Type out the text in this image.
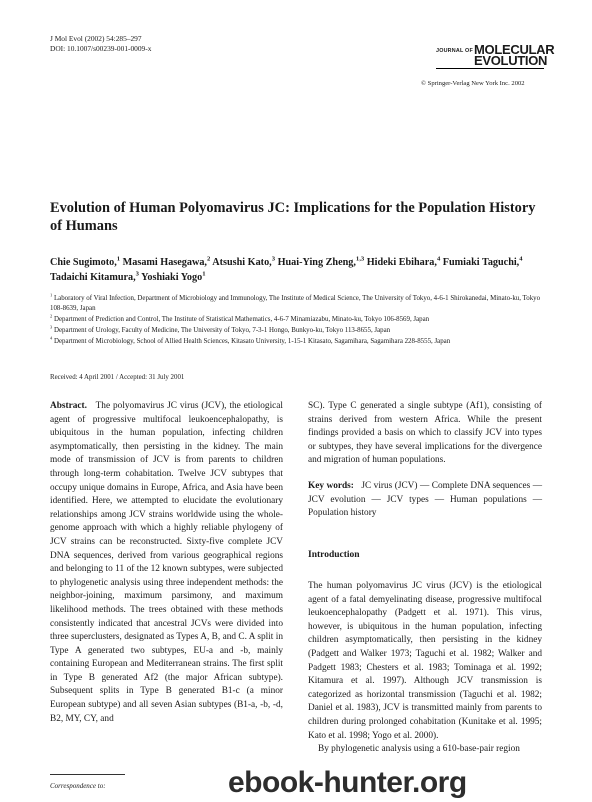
J Mol Evol (2002) 54:285–297
DOI: 10.1007/s00239-001-0009-x	JOURNAL OF MOLECULAR
EVOLUTION
© Springer-Verlag New York Inc. 2002
Evolution of Human Polyomavirus JC: Implications for the Population History of Humans
Chie Sugimoto,$^1$ Masami Hasegawa,$^2$ Atsushi Kato,$^3$ Huai-Ying Zheng,$^{1,3}$ Hideki Ebihara,$^4$ Fumiaki Taguchi,$^4$
Tadaichi Kitamura,$^3$ Yoshiaki Yogo$^1$

$^1$ Laboratory of Viral Infection, Department of Microbiology and Immunology, The Institute of Medical Science, The University of Tokyo, 4-6-1 Shirokanedai, Minato-ku, Tokyo 108-8639, Japan

$^2$ Department of Prediction and Control, The Institute of Statistical Mathematics, 4-6-7 Minamiazabu, Minato-ku, Tokyo 106-8569, Japan

$^3$ Department of Urology, Faculty of Medicine, The University of Tokyo, 7-3-1 Hongo, Bunkyo-ku, Tokyo 113-8655, Japan

$^4$ Department of Microbiology, School of Allied Health Sciences, Kitasato University, 1-15-1 Kitasato, Sagamihara, Sagamihara 228-8555, Japan

Received: 4 April 2001 / Accepted: 31 July 2001
Abstract. The polyomavirus JC virus (JCV), the etiological agent of progressive multifocal leukoencephalopathy, is ubiquitous in the human population, infecting children asymptomatically, then persisting in the kidney. The main mode of transmission of JCV is from parents to children through long-term cohabitation. Twelve JCV subtypes that occupy unique domains in Europe, Africa, and Asia have been identified. Here, we attempted to elucidate the evolutionary relationships among JCV strains worldwide using the whole-genome approach with which a highly reliable phylogeny of JCV strains can be reconstructed. Sixty-five complete JCV DNA sequences, derived from various geographical regions and belonging to 11 of the 12 known subtypes, were subjected to phylogenetic analysis using three independent methods: the neighbor-joining, maximum parsimony, and maximum likelihood methods. The trees obtained with these methods consistently indicated that ancestral JCVs were divided into three superclusters, designated as Types A, B, and C. A split in Type A generated two subtypes, EU-a and -b, mainly containing European and Mediterranean strains. The first split in Type B generated Af2 (the major African subtype). Subsequent splits in Type B generated B1-c (a minor European subtype) and all seven Asian subtypes (B1-a, -b, -d, B2, MY, CY, and
SC). Type C generated a single subtype (Af1), consisting of strains derived from western Africa. While the present findings provided a basis on which to classify JCV into types or subtypes, they have several implications for the divergence and migration of human populations.
Key words: JC virus (JCV) — Complete DNA sequences — JCV evolution — JCV types — Human populations — Population history
Introduction
The human polyomavirus JC virus (JCV) is the etiological agent of a fatal demyelinating disease, progressive multifocal leukoencephalopathy (Padgett et al. 1971). This virus, however, is ubiquitous in the human population, infecting children asymptomatically, then persisting in the kidney (Padgett and Walker 1973; Taguchi et al. 1982; Walker and Padgett 1983; Chesters et al. 1983; Tominaga et al. 1992; Kitamura et al. 1997). Although JCV transmission is categorized as horizontal transmission (Taguchi et al. 1982; Daniel et al. 1983), JCV is transmitted mainly from parents to children during prolonged cohabitation (Kunitake et al. 1995; Kato et al. 1998; Yogo et al. 2000).
By phylogenetic analysis using a 610-base-pair region
Correspondence to:	ebook-hunter.org
